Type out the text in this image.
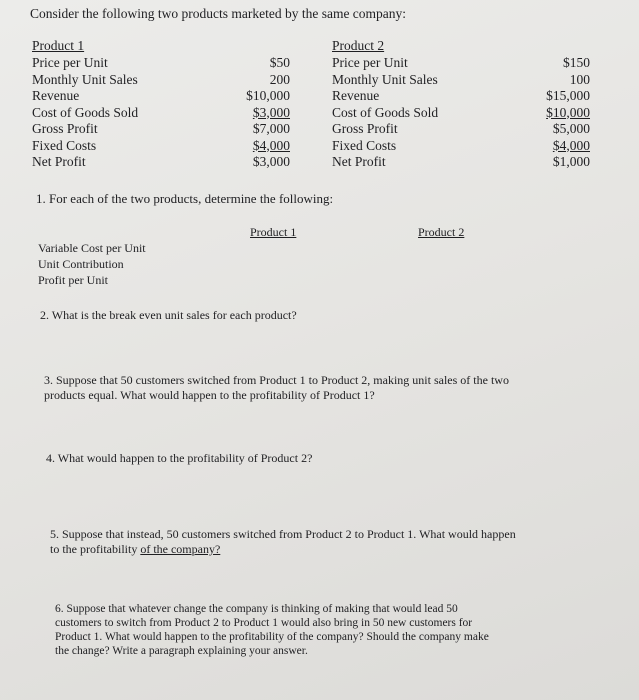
Consider the following two products marketed by the same company:
Product 1
Price per Unit
Monthly Unit Sales
Revenue
Cost of Goods Sold
Gross Profit
Fixed Costs
Net Profit
$50
200
$10,000
$3,000
$7,000
$4,000
$3,000
Product 2
Price per Unit
Monthly Unit Sales
Revenue
Cost of Goods Sold
Gross Profit
Fixed Costs
Net Profit
$150
100
$15,000
$10,000
$5,000
$4,000
$1,000
1. For each of the two products, determine the following:
Product 1	Product 2
Variable Cost per Unit
Unit Contribution
Profit per Unit
2. What is the break even unit sales for each product?
3. Suppose that 50 customers switched from Product 1 to Product 2, making unit sales of the two
products equal. What would happen to the profitability of Product 1?
4. What would happen to the profitability of Product 2?
5. Suppose that instead, 50 customers switched from Product 2 to Product 1. What would happen
to the profitability of the company?
6. Suppose that whatever change the company is thinking of making that would lead 50
customers to switch from Product 2 to Product 1 would also bring in 50 new customers for
Product 1. What would happen to the profitability of the company? Should the company make
the change? Write a paragraph explaining your answer.
